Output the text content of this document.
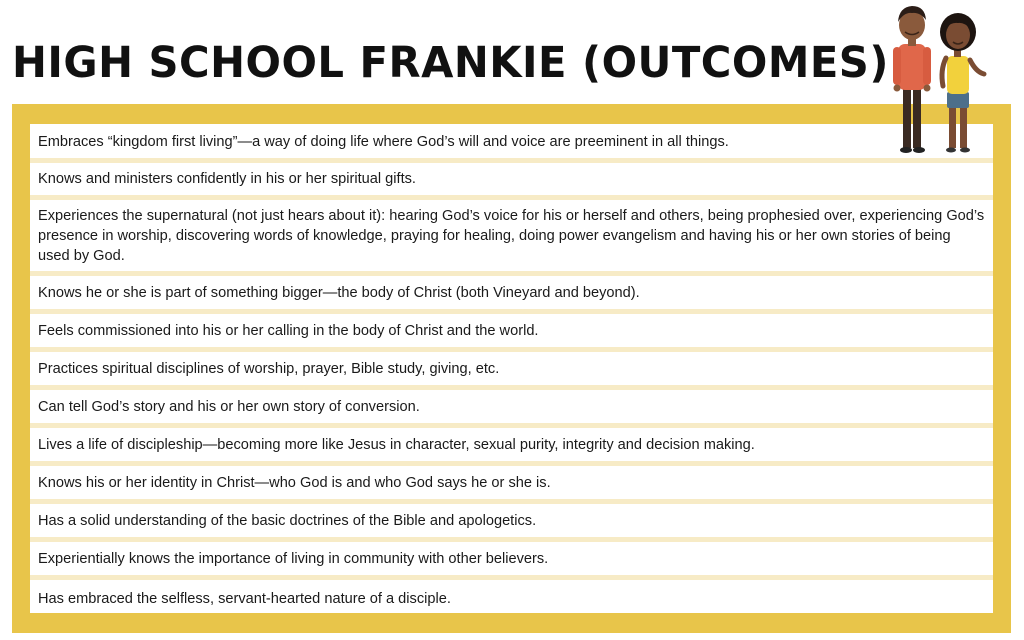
HIGH SCHOOL FRANKIE (OUTCOMES)
Embraces “kingdom first living”—a way of doing life where God’s will and voice are preeminent in all things.
Knows and ministers confidently in his or her spiritual gifts.
Experiences the supernatural (not just hears about it): hearing God’s voice for his or herself and others, being prophesied over, experiencing God’s presence in worship, discovering words of knowledge, praying for healing, doing power evangelism and having his or her own stories of being used by God.
Knows he or she is part of something bigger—the body of Christ (both Vineyard and beyond).
Feels commissioned into his or her calling in the body of Christ and the world.
Practices spiritual disciplines of worship, prayer, Bible study, giving, etc.
Can tell God’s story and his or her own story of conversion.
Lives a life of discipleship—becoming more like Jesus in character, sexual purity, integrity and decision making.
Knows his or her identity in Christ—who God is and who God says he or she is.
Has a solid understanding of the basic doctrines of the Bible and apologetics.
Experientially knows the importance of living in community with other believers.
Has embraced the selfless, servant-hearted nature of a disciple.
